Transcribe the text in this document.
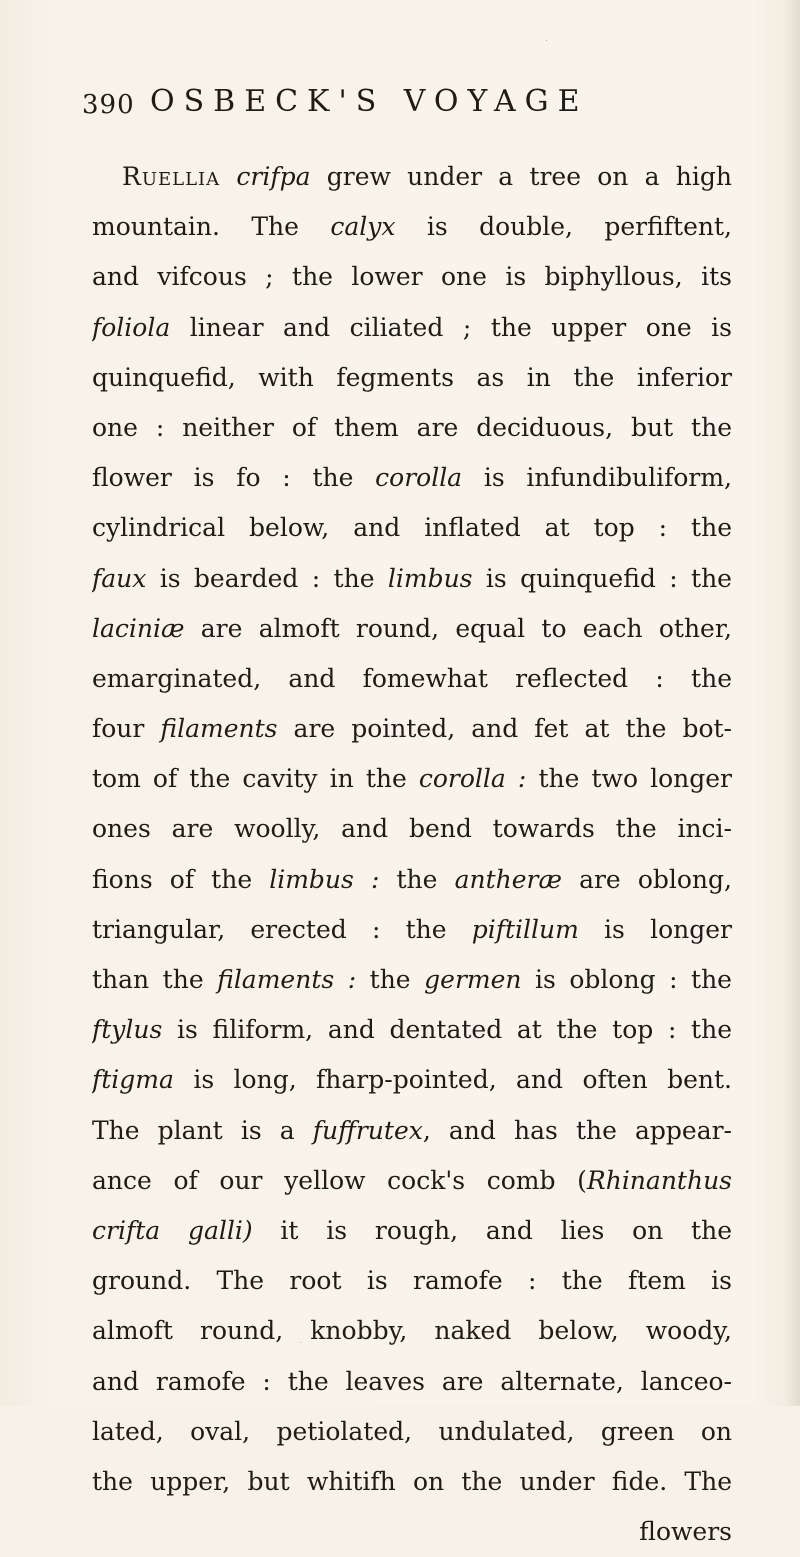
390 OSBECK'S VOYAGE
Ruellia crifpa grew under a tree on a high
mountain. The calyx is double, perfiftent,
and vifcous ; the lower one is biphyllous, its
foliola linear and ciliated ; the upper one is
quinquefid, with fegments as in the inferior
one : neither of them are deciduous, but the
flower is fo : the corolla is infundibuliform,
cylindrical below, and inflated at top : the
faux is bearded : the limbus is quinquefid : the
laciniæ are almoft round, equal to each other,
emarginated, and fomewhat reflected : the
four filaments are pointed, and fet at the bot-
tom of the cavity in the corolla : the two longer
ones are woolly, and bend towards the inci-
fions of the limbus : the antheræ are oblong,
triangular, erected : the piftillum is longer
than the filaments : the germen is oblong : the
ftylus is filiform, and dentated at the top : the
ftigma is long, fharp-pointed, and often bent.
The plant is a fuffrutex, and has the appear-
ance of our yellow cock's comb (Rhinanthus
crifta galli) it is rough, and lies on the
ground. The root is ramofe : the ftem is
almoft round, knobby, naked below, woody,
and ramofe : the leaves are alternate, lanceo-
lated, oval, petiolated, undulated, green on
the upper, but whitifh on the under fide. The
flowers
